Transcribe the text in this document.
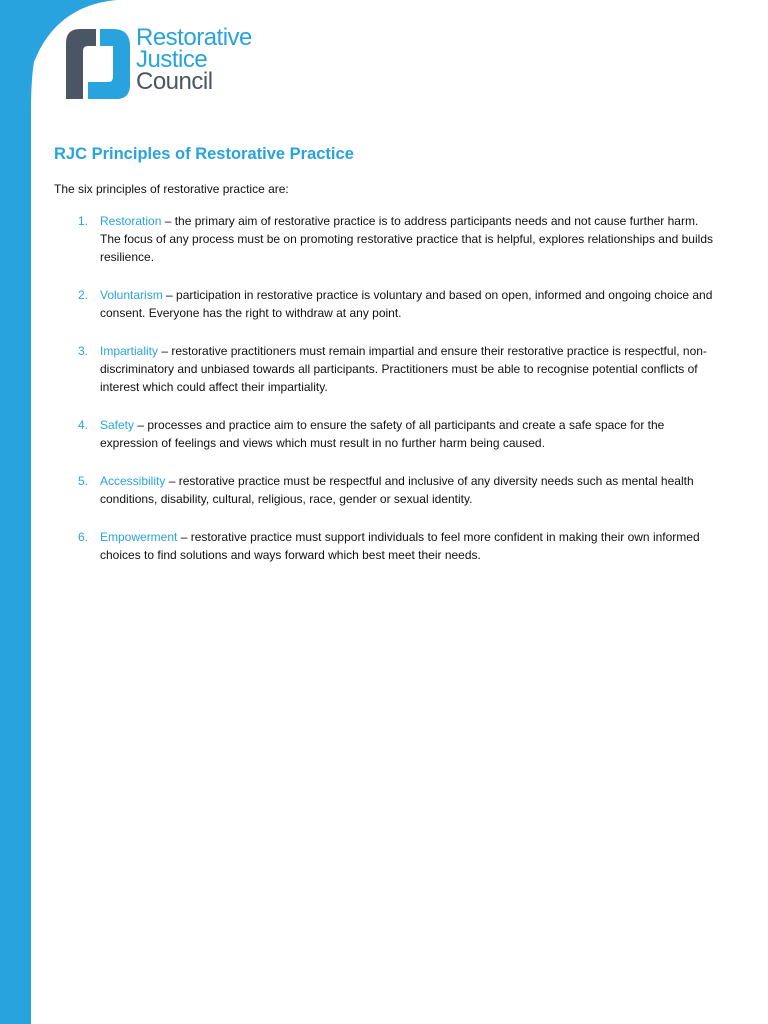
Restorative
Justice
Council
RJC Principles of Restorative Practice

The six principles of restorative practice are:

1. Restoration – the primary aim of restorative practice is to address participants needs and not cause further harm. The focus of any process must be on promoting restorative practice that is helpful, explores relationships and builds resilience.
2. Voluntarism – participation in restorative practice is voluntary and based on open, informed and ongoing choice and consent. Everyone has the right to withdraw at any point.
3. Impartiality – restorative practitioners must remain impartial and ensure their restorative practice is respectful, non-discriminatory and unbiased towards all participants. Practitioners must be able to recognise potential conflicts of interest which could affect their impartiality.
4. Safety – processes and practice aim to ensure the safety of all participants and create a safe space for the expression of feelings and views which must result in no further harm being caused.
5. Accessibility – restorative practice must be respectful and inclusive of any diversity needs such as mental health conditions, disability, cultural, religious, race, gender or sexual identity.
6. Empowerment – restorative practice must support individuals to feel more confident in making their own informed choices to find solutions and ways forward which best meet their needs.
